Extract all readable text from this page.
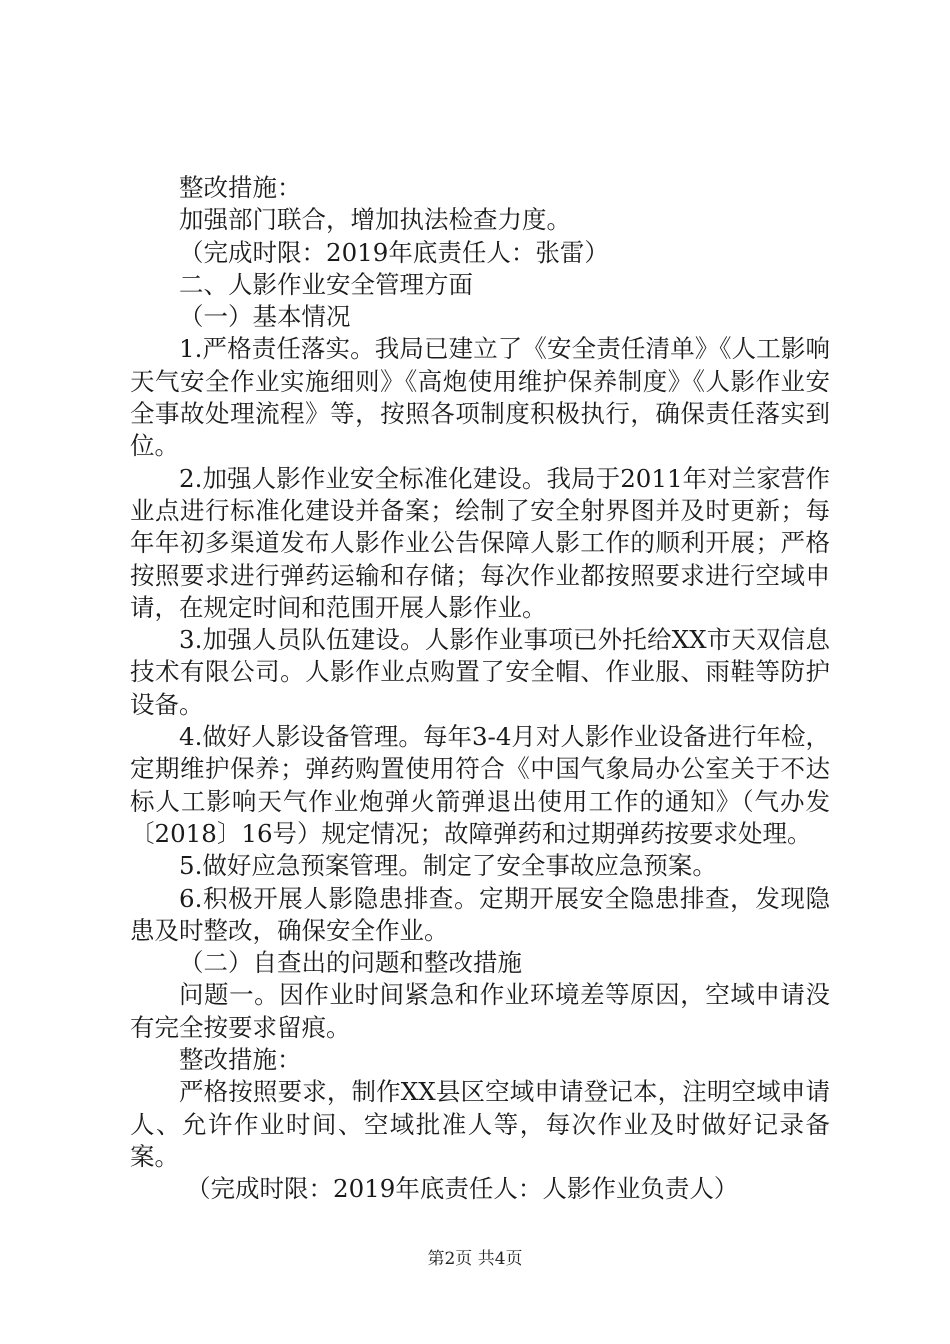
整改措施：

加强部门联合，增加执法检查力度。

（完成时限：2019年底责任人：张雷）

二、人影作业安全管理方面

（一）基本情况

1.严格责任落实。我局已建立了《安全责任清单》《人工影响天气安全作业实施细则》《高炮使用维护保养制度》《人影作业安全事故处理流程》等，按照各项制度积极执行，确保责任落实到位。

2.加强人影作业安全标准化建设。我局于2011年对兰家营作业点进行标准化建设并备案；绘制了安全射界图并及时更新；每年年初多渠道发布人影作业公告保障人影工作的顺利开展；严格按照要求进行弹药运输和存储；每次作业都按照要求进行空域申请，在规定时间和范围开展人影作业。

3.加强人员队伍建设。人影作业事项已外托给XX市天双信息技术有限公司。人影作业点购置了安全帽、作业服、雨鞋等防护设备。

4.做好人影设备管理。每年3-4月对人影作业设备进行年检，定期维护保养；弹药购置使用符合《中国气象局办公室关于不达标人工影响天气作业炮弹火箭弹退出使用工作的通知》（气办发〔2018〕16号）规定情况；故障弹药和过期弹药按要求处理。

5.做好应急预案管理。制定了安全事故应急预案。

6.积极开展人影隐患排查。定期开展安全隐患排查，发现隐患及时整改，确保安全作业。

（二）自查出的问题和整改措施

问题一。因作业时间紧急和作业环境差等原因，空域申请没有完全按要求留痕。

整改措施：

严格按照要求，制作XX县区空域申请登记本，注明空域申请人、允许作业时间、空域批准人等，每次作业及时做好记录备案。

（完成时限：2019年底责任人：人影作业负责人）

第2页 共4页
